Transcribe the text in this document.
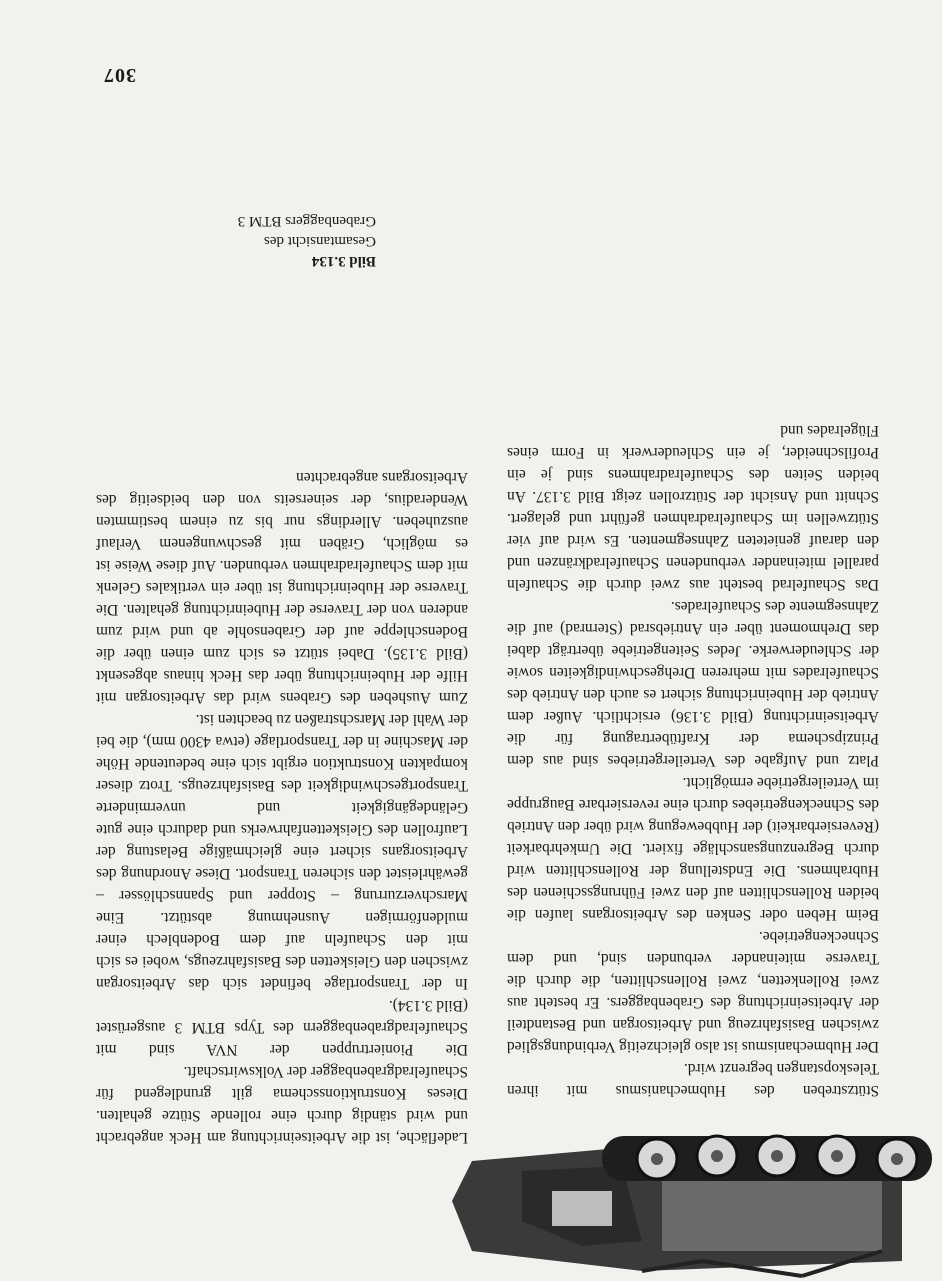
307
Bild 3.134
Gesamtansicht des
Grabenbaggers BTM 3

Ladefläche, ist die Arbeitseinrichtung am Heck angebracht und wird ständig durch eine rollende Stütze gehalten. Dieses Konstruktionsschema gilt grundlegend für Schaufelradgrabenbagger der Volkswirtschaft.

Die Pioniertruppen der NVA sind mit Schaufelradgrabenbaggern des Typs BTM 3 ausgerüstet (Bild 3.134).

In der Transportlage befindet sich das Arbeitsorgan zwischen den Gleisketten des Basisfahrzeugs, wobei es sich mit den Schaufeln auf dem Bodenblech einer muldenförmigen Ausnehmung abstützt. Eine Marschverzurrung – Stopper und Spannschlösser – gewährleistet den sicheren Transport. Diese Anordnung des Arbeitsorgans sichert eine gleichmäßige Belastung der Laufrollen des Gleiskettenfahrwerks und dadurch eine gute Geländegängigkeit und unverminderte Transportgeschwindigkeit des Basisfahrzeugs. Trotz dieser kompakten Konstruktion ergibt sich eine bedeutende Höhe der Maschine in der Transportlage (etwa 4300 mm), die bei der Wahl der Marschstraßen zu beachten ist.

Zum Ausheben des Grabens wird das Arbeitsorgan mit Hilfe der Hubeinrichtung über das Heck hinaus abgesenkt (Bild 3.135). Dabei stützt es sich zum einen über die Bodenschleppe auf der Grabensohle ab und wird zum anderen von der Traverse der Hubeinrichtung gehalten. Die Traverse der Hubeinrichtung ist über ein vertikales Gelenk mit dem Schaufelradrahmen verbunden. Auf diese Weise ist es möglich, Gräben mit geschwungenem Verlauf auszuheben. Allerdings nur bis zu einem bestimmten Wenderadius, der seinerseits von den beidseitig des Arbeitsorgans angebrachten

Stützstreben des Hubmechanismus mit ihren Teleskopstangen begrenzt wird.

Der Hubmechanismus ist also gleichzeitig Verbindungsglied zwischen Basisfahrzeug und Arbeitsorgan und Bestandteil der Arbeitseinrichtung des Grabenbaggers. Er besteht aus zwei Rollenketten, zwei Rollenschlitten, die durch die Traverse miteinander verbunden sind, und dem Schneckengetriebe.

Beim Heben oder Senken des Arbeitsorgans laufen die beiden Rollenschlitten auf den zwei Führungsschienen des Hubrahmens. Die Endstellung der Rollenschlitten wird durch Begrenzungsanschläge fixiert. Die Umkehrbarkeit (Reversierbarkeit) der Hubbewegung wird über den Antrieb des Schneckengetriebes durch eine reversierbare Baugruppe im Verteilergetriebe ermöglicht.

Platz und Aufgabe des Verteilergetriebes sind aus dem Prinzipschema der Kraftübertragung für die Arbeitseinrichtung (Bild 3.136) ersichtlich. Außer dem Antrieb der Hubeinrichtung sichert es auch den Antrieb des Schaufelrades mit mehreren Drehgeschwindigkeiten sowie der Schleuderwerke. Jedes Seitengetriebe überträgt dabei das Drehmoment über ein Antriebsrad (Sternrad) auf die Zahnsegmente des Schaufelrades.

Das Schaufelrad besteht aus zwei durch die Schaufeln parallel miteinander verbundenen Schaufelradkränzen und den darauf genieteten Zahnsegmenten. Es wird auf vier Stützwellen im Schaufelradrahmen geführt und gelagert. Schnitt und Ansicht der Stützrollen zeigt Bild 3.137. An beiden Seiten des Schaufelradrahmens sind je ein Profilschneider, je ein Schleuderwerk in Form eines Flügelrades und
